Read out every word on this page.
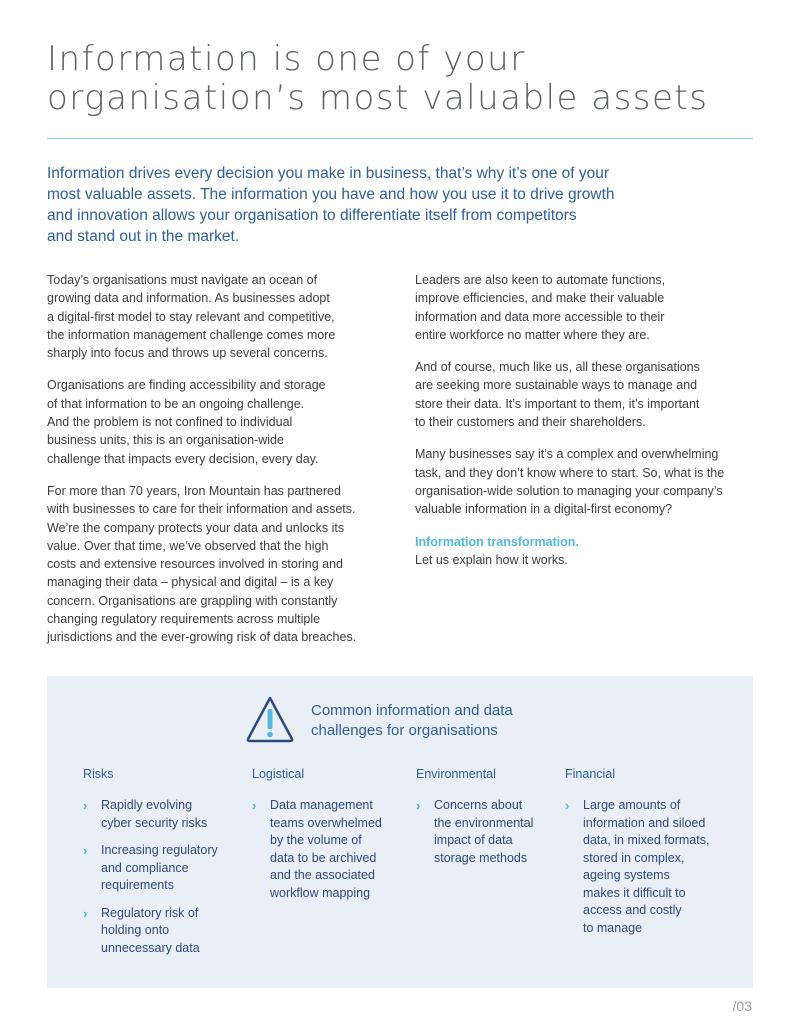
Information is one of your
organisation’s most valuable assets

Information drives every decision you make in business, that’s why it’s one of your
most valuable assets. The information you have and how you use it to drive growth
and innovation allows your organisation to differentiate itself from competitors
and stand out in the market.

Today’s organisations must navigate an ocean of
growing data and information. As businesses adopt
a digital-first model to stay relevant and competitive,
the information management challenge comes more
sharply into focus and throws up several concerns.

Organisations are finding accessibility and storage
of that information to be an ongoing challenge.
And the problem is not confined to individual
business units, this is an organisation-wide
challenge that impacts every decision, every day.

For more than 70 years, Iron Mountain has partnered
with businesses to care for their information and assets.
We’re the company protects your data and unlocks its
value. Over that time, we’ve observed that the high
costs and extensive resources involved in storing and
managing their data – physical and digital – is a key
concern. Organisations are grappling with constantly
changing regulatory requirements across multiple
jurisdictions and the ever-growing risk of data breaches.

Leaders are also keen to automate functions,
improve efficiencies, and make their valuable
information and data more accessible to their
entire workforce no matter where they are.

And of course, much like us, all these organisations
are seeking more sustainable ways to manage and
store their data. It’s important to them, it’s important
to their customers and their shareholders.

Many businesses say it’s a complex and overwhelming
task, and they don’t know where to start. So, what is the
organisation-wide solution to managing your company’s
valuable information in a digital-first economy?

Information transformation.
Let us explain how it works.

Common information and data
challenges for organisations
Risks
› Rapidly evolving
cyber security risks
› Increasing regulatory
and compliance
requirements
› Regulatory risk of
holding onto
unnecessary data
Logistical
› Data management
teams overwhelmed
by the volume of
data to be archived
and the associated
workflow mapping
Environmental
› Concerns about
the environmental
impact of data
storage methods
Financial
› Large amounts of
information and siloed
data, in mixed formats,
stored in complex,
ageing systems
makes it difficult to
access and costly
to manage
/03
